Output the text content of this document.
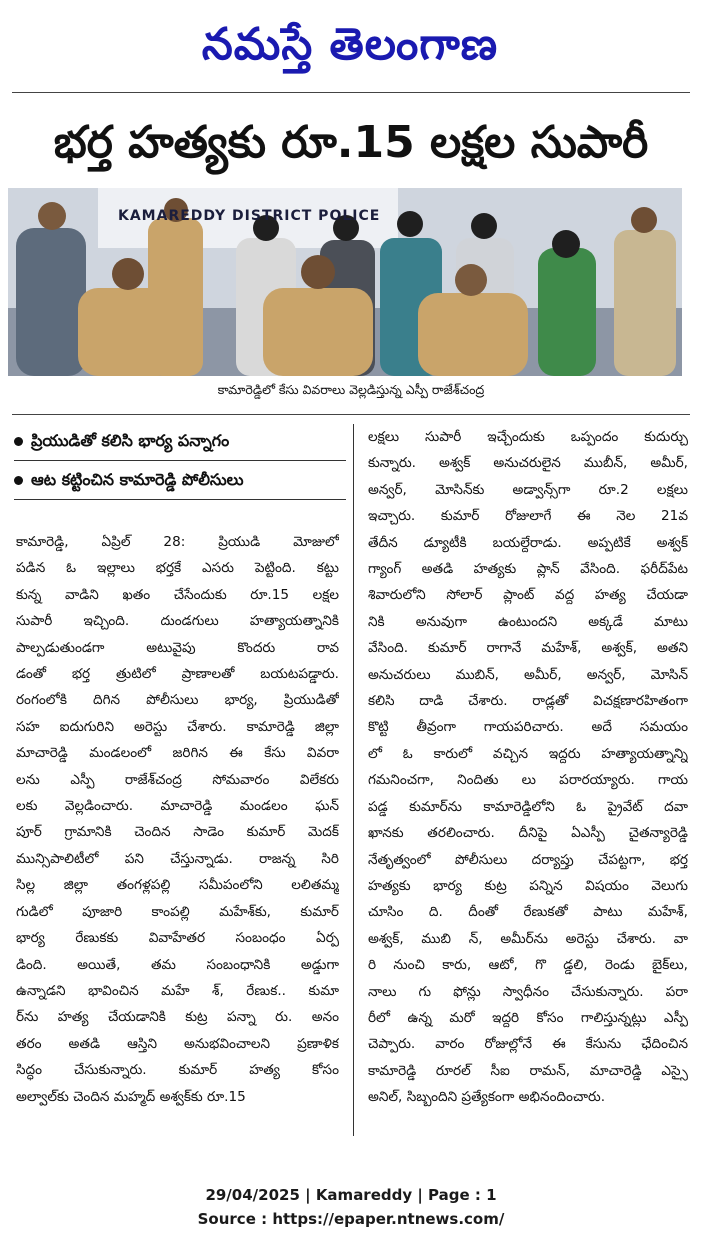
నమస్తే తెలంగాణ
భర్త హత్యకు రూ.15 లక్షల సుపారీ
KAMAREDDY DISTRICT POLICE
కామారెడ్డిలో కేసు వివరాలు వెల్లడిస్తున్న ఎస్పీ రాజేశ్‌చంద్ర
ప్రియుడితో కలిసి భార్య పన్నాగం
ఆట కట్టించిన కామారెడ్డి పోలీసులు

కామారెడ్డి, ఏప్రిల్ 28: ప్రియుడి మోజులో

పడిన ఓ ఇల్లాలు భర్తకే ఎసరు పెట్టింది. కట్టు

కున్న వాడిని ఖతం చేసేందుకు రూ.15 లక్షల

సుపారీ ఇచ్చింది. దుండగులు హత్యాయత్నానికి

పాల్పడుతుండగా అటువైపు కొందరు రావ

డంతో భర్త త్రుటిలో ప్రాణాలతో బయటపడ్డారు.

రంగంలోకి దిగిన పోలీసులు భార్య, ప్రియుడితో

సహ ఐదుగురిని అరెస్టు చేశారు. కామారెడ్డి జిల్లా

మాచారెడ్డి మండలంలో జరిగిన ఈ కేసు వివరా

లను ఎస్పీ రాజేశ్‌చంద్ర సోమవారం విలేకరు

లకు వెల్లడించారు. మాచారెడ్డి మండలం ఘన్

పూర్ గ్రామానికి చెందిన సాడెం కుమార్ మెదక్

మున్సిపాలిటీలో పని చేస్తున్నాడు. రాజన్న సిరి

సిల్ల జిల్లా తంగళ్లపల్లి సమీపంలోని లలితమ్మ

గుడిలో పూజారి కాంపల్లి మహేశ్‌కు, కుమార్

భార్య రేణుకకు వివాహేతర సంబంధం ఏర్ప

డింది. అయితే, తమ సంబంధానికి అడ్డుగా

ఉన్నాడని భావించిన మహే శ్, రేణుక.. కుమా

ర్‌ను హత్య చేయడానికి కుట్ర పన్నా రు. అనం

తరం అతడి ఆస్తిని అనుభవించాలని ప్రణాళిక

సిద్ధం చేసుకున్నారు. కుమార్ హత్య కోసం

అల్వాల్‌కు చెందిన మహ్మద్ అశ్వక్‌కు రూ.15

లక్షలు సుపారీ ఇచ్చేందుకు ఒప్పందం కుదుర్చు

కున్నారు. అశ్వక్ అనుచరులైన ముబీన్, అమీర్,

అన్వర్, మోసిన్‌కు అడ్వాన్స్‌గా రూ.2 లక్షలు

ఇచ్చారు. కుమార్ రోజులాగే ఈ నెల 21వ

తేదీన డ్యూటీకి బయల్దేరాడు. అప్పటికే అశ్వక్

గ్యాంగ్ అతడి హత్యకు ప్లాన్ వేసింది. ఫరీద్‌పేట

శివారులోని సోలార్ ప్లాంట్ వద్ద హత్య చేయడా

నికి అనువుగా ఉంటుందని అక్కడే మాటు

వేసింది. కుమార్ రాగానే మహేశ్, అశ్వక్, అతని

అనుచరులు ముబిన్, అమీర్, అన్వర్, మోసిన్

కలిసి దాడి చేశారు. రాడ్లతో విచక్షణారహితంగా

కొట్టి తీవ్రంగా గాయపరిచారు. అదే సమయం

లో ఓ కారులో వచ్చిన ఇద్దరు హత్యాయత్నాన్ని

గమనించగా, నిందితు లు పరారయ్యారు. గాయ

పడ్డ కుమార్‌ను కామారెడ్డిలోని ఓ ప్రైవేట్ దవా

ఖానకు తరలించారు. దీనిపై ఏఎస్పీ చైతన్యారెడ్డి

నేతృత్వంలో పోలీసులు దర్యాప్తు చేపట్టగా, భర్త

హత్యకు భార్య కుట్ర పన్నిన విషయం వెలుగు

చూసిం ది. దీంతో రేణుకతో పాటు మహేశ్,

అశ్వక్, ముబి న్, అమీర్‌ను అరెస్టు చేశారు. వా

రి నుంచి కారు, ఆటో, గొ డ్డలి, రెండు బైక్‌లు,

నాలు గు ఫోన్లు స్వాధీనం చేసుకున్నారు. పరా

రీలో ఉన్న మరో ఇద్దరి కోసం గాలిస్తున్నట్లు ఎస్పీ

చెప్పారు. వారం రోజుల్లోనే ఈ కేసును ఛేదించిన

కామారెడ్డి రూరల్ సీఐ రామన్, మాచారెడ్డి ఎస్సై

అనిల్, సిబ్బందిని ప్రత్యేకంగా అభినందించారు.

29/04/2025 | Kamareddy | Page : 1
Source : https://epaper.ntnews.com/
